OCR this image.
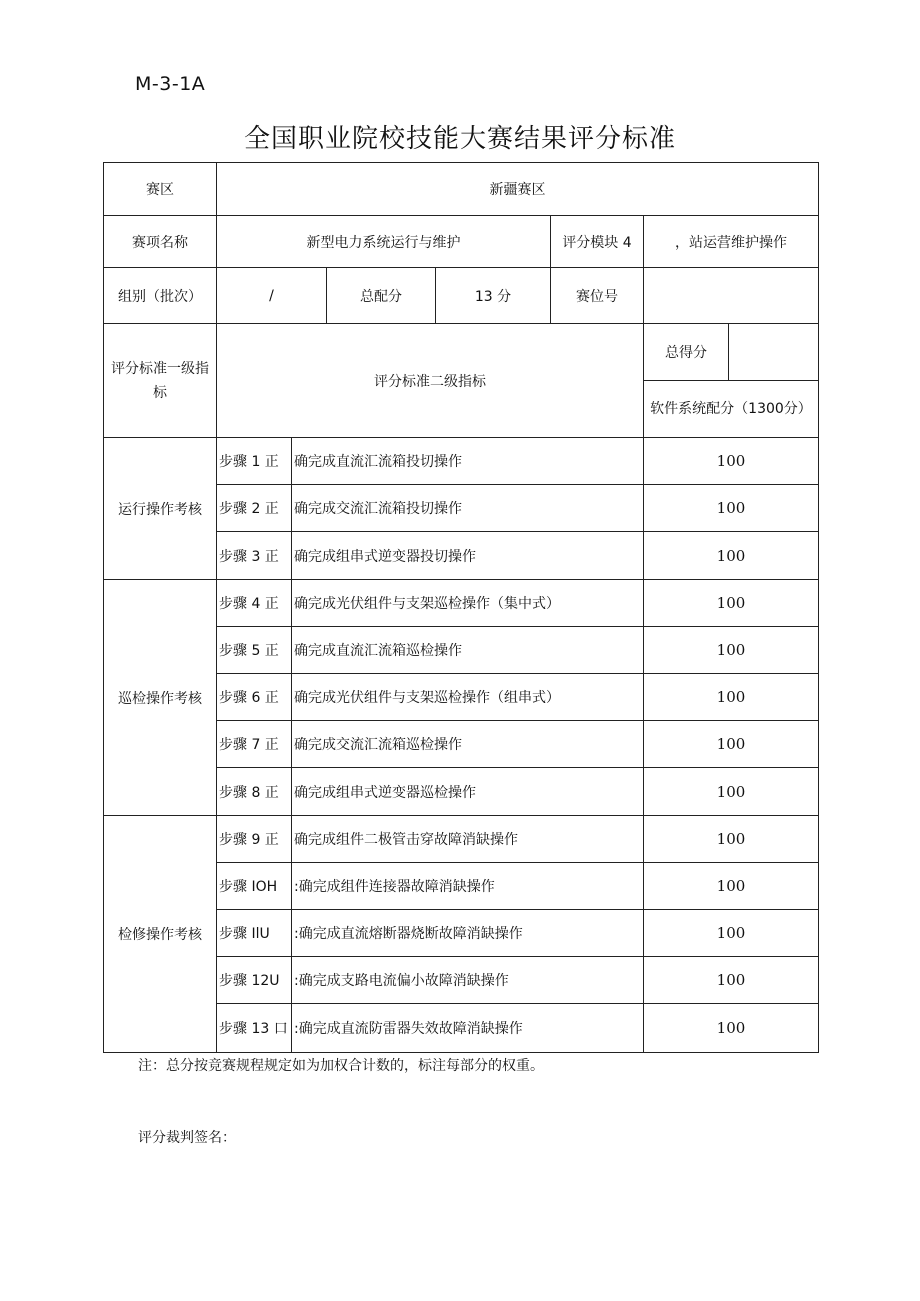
M-3-1A
全国职业院校技能大赛结果评分标准
赛区	新疆赛区						
赛项名称	新型电力系统运行与维护				评分模块 4	，站运营维护操作	
组别（批次）	/		总配分	13 分	赛位号		
评分标准一级指标	评分标准二级指标					总得分	
						软件系统配分（1300分）	
运行操作考核	步骤 1 正	确完成直流汇流箱投切操作				100	
	步骤 2 正	确完成交流汇流箱投切操作				100	
	步骤 3 正	确完成组串式逆变器投切操作				100	
巡检操作考核	步骤 4 正	确完成光伏组件与支架巡检操作（集中式）				100	
	步骤 5 正	确完成直流汇流箱巡检操作				100	
	步骤 6 正	确完成光伏组件与支架巡检操作（组串式）				100	
	步骤 7 正	确完成交流汇流箱巡检操作				100	
	步骤 8 正	确完成组串式逆变器巡检操作				100	
检修操作考核	步骤 9 正	确完成组件二极管击穿故障消缺操作				100	
	步骤 IOH	:确完成组件连接器故障消缺操作				100	
	步骤 IlU	:确完成直流熔断器烧断故障消缺操作				100	
	步骤 12U	:确完成支路电流偏小故障消缺操作				100	
	步骤 13 口	:确完成直流防雷器失效故障消缺操作				100	
注：总分按竞赛规程规定如为加权合计数的，标注每部分的权重。
评分裁判签名：
